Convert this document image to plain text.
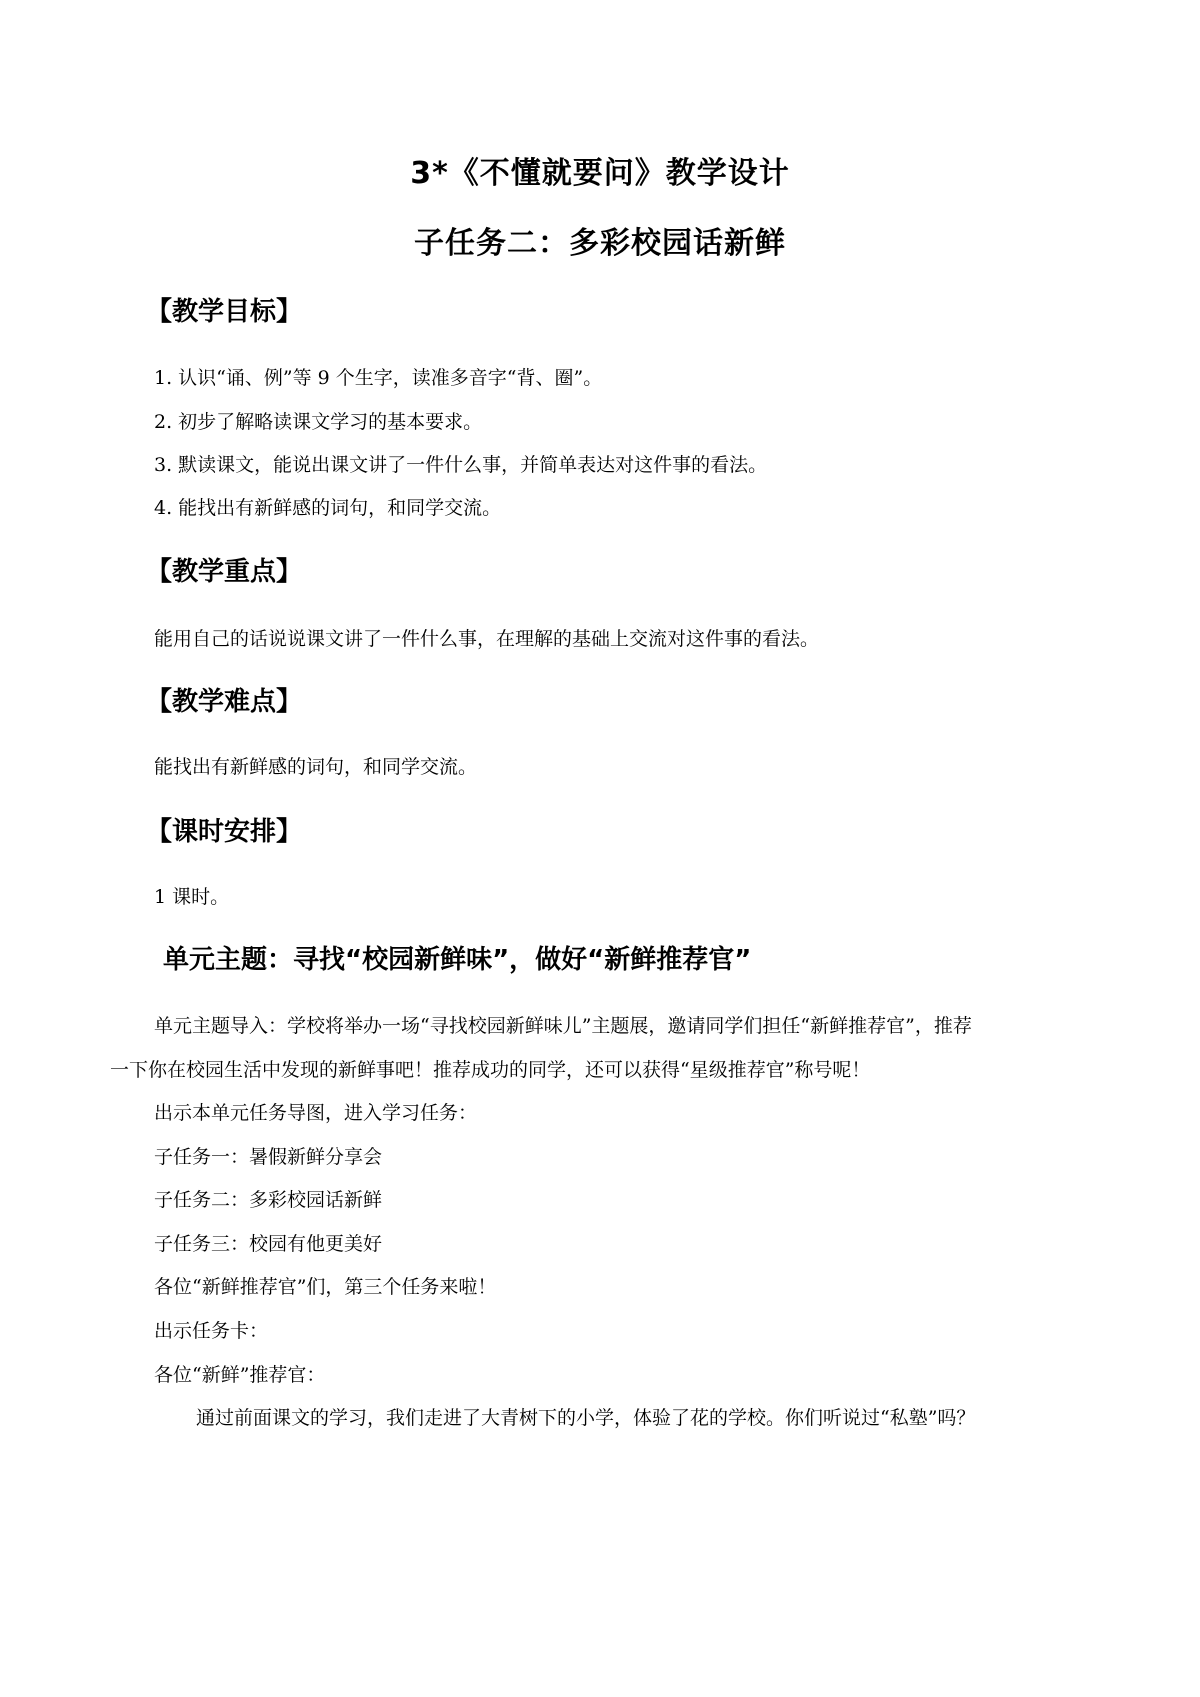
3*《不懂就要问》教学设计
子任务二：多彩校园话新鲜
【教学目标】
1. 认识“诵、例”等 9 个生字，读准多音字“背、圈”。
2. 初步了解略读课文学习的基本要求。
3. 默读课文，能说出课文讲了一件什么事，并简单表达对这件事的看法。
4. 能找出有新鲜感的词句，和同学交流。
【教学重点】
能用自己的话说说课文讲了一件什么事，在理解的基础上交流对这件事的看法。
【教学难点】
能找出有新鲜感的词句，和同学交流。
【课时安排】
1 课时。
单元主题：寻找“校园新鲜味”，做好“新鲜推荐官”
单元主题导入：学校将举办一场“寻找校园新鲜味儿”主题展，邀请同学们担任“新鲜推荐官”，推荐
一下你在校园生活中发现的新鲜事吧！推荐成功的同学，还可以获得“星级推荐官”称号呢！
出示本单元任务导图，进入学习任务：
子任务一：暑假新鲜分享会
子任务二：多彩校园话新鲜
子任务三：校园有他更美好
各位“新鲜推荐官”们，第三个任务来啦！
出示任务卡：
各位“新鲜”推荐官：
通过前面课文的学习，我们走进了大青树下的小学，体验了花的学校。你们听说过“私塾”吗？
